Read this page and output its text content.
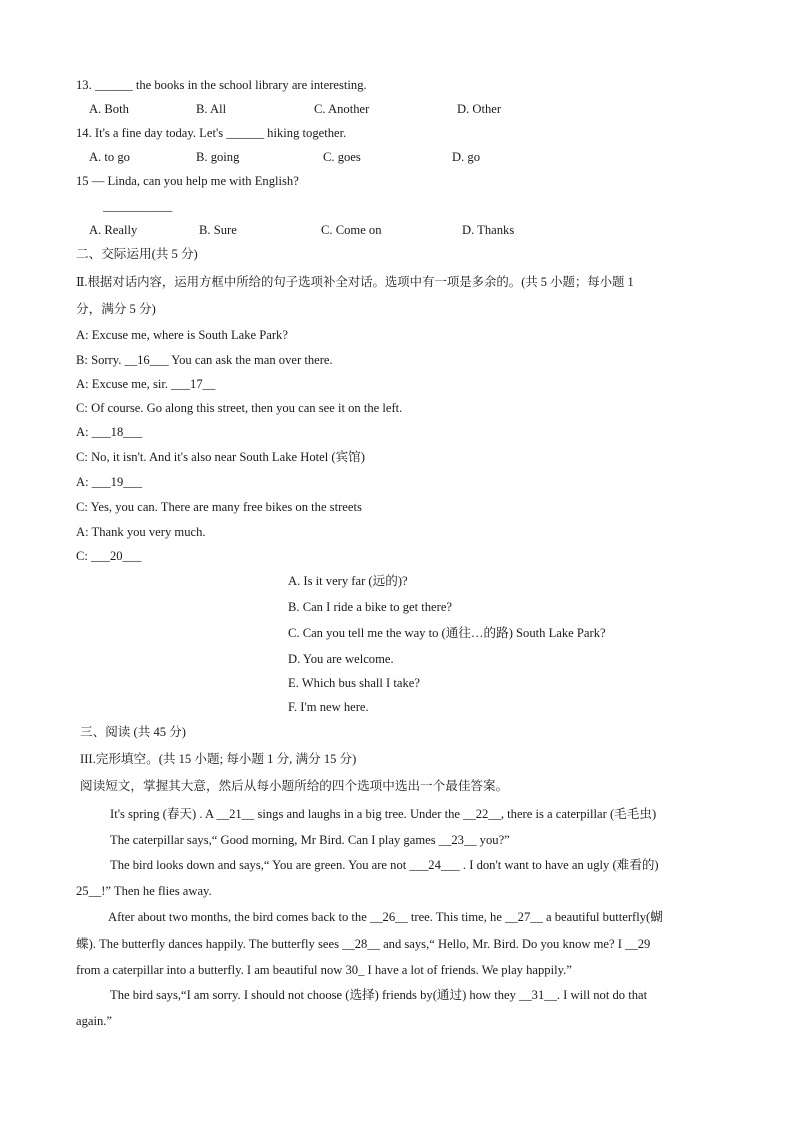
13. ______ the books in the school library are interesting.
A. Both	B. All	C. Another	D. Other
14. It's a fine day today. Let's ______ hiking together.
A. to go	B. going	C. goes	D. go
15 — Linda, can you help me with English?
___________
A. Really	B. Sure	C. Come on	D. Thanks
二、交际运用(共 5 分)
Ⅱ.根据对话内容，运用方框中所给的句子选项补全对话。选项中有一项是多余的。(共 5 小题；每小题 1
分，满分 5 分)
A: Excuse me, where is South Lake Park?
B: Sorry. __16___ You can ask the man over there.
A: Excuse me, sir. ___17__
C: Of course. Go along this street, then you can see it on the left.
A: ___18___
C: No, it isn't. And it's also near South Lake Hotel (宾馆)
A: ___19___
C: Yes, you can. There are many free bikes on the streets
A: Thank you very much.
C: ___20___
A. Is it very far (远的)?
B. Can I ride a bike to get there?
C. Can you tell me the way to (通往…的路) South Lake Park?
D. You are welcome.
E. Which bus shall I take?
F. I'm new here.
三、阅读 (共 45 分)
III.完形填空。(共 15 小题; 每小题 1 分, 满分 15 分)
阅读短文，掌握其大意，然后从每小题所给的四个选项中选出一个最佳答案。
It's spring (春天) . A __21__ sings and laughs in a big tree. Under the __22__, there is a caterpillar (毛毛虫)
The caterpillar says,“ Good morning, Mr Bird. Can I play games __23__ you?”
The bird looks down and says,“ You are green. You are not ___24___ . I don't want to have an ugly (难看的)
25__!” Then he flies away.
After about two months, the bird comes back to the __26__ tree. This time, he __27__ a beautiful butterfly(蝴
蝶). The butterfly dances happily. The butterfly sees __28__ and says,“ Hello, Mr. Bird. Do you know me? I __29
from a caterpillar into a butterfly. I am beautiful now 30_ I have a lot of friends. We play happily.”
The bird says,“I am sorry. I should not choose (选择) friends by(通过) how they __31__. I will not do that
again.”
